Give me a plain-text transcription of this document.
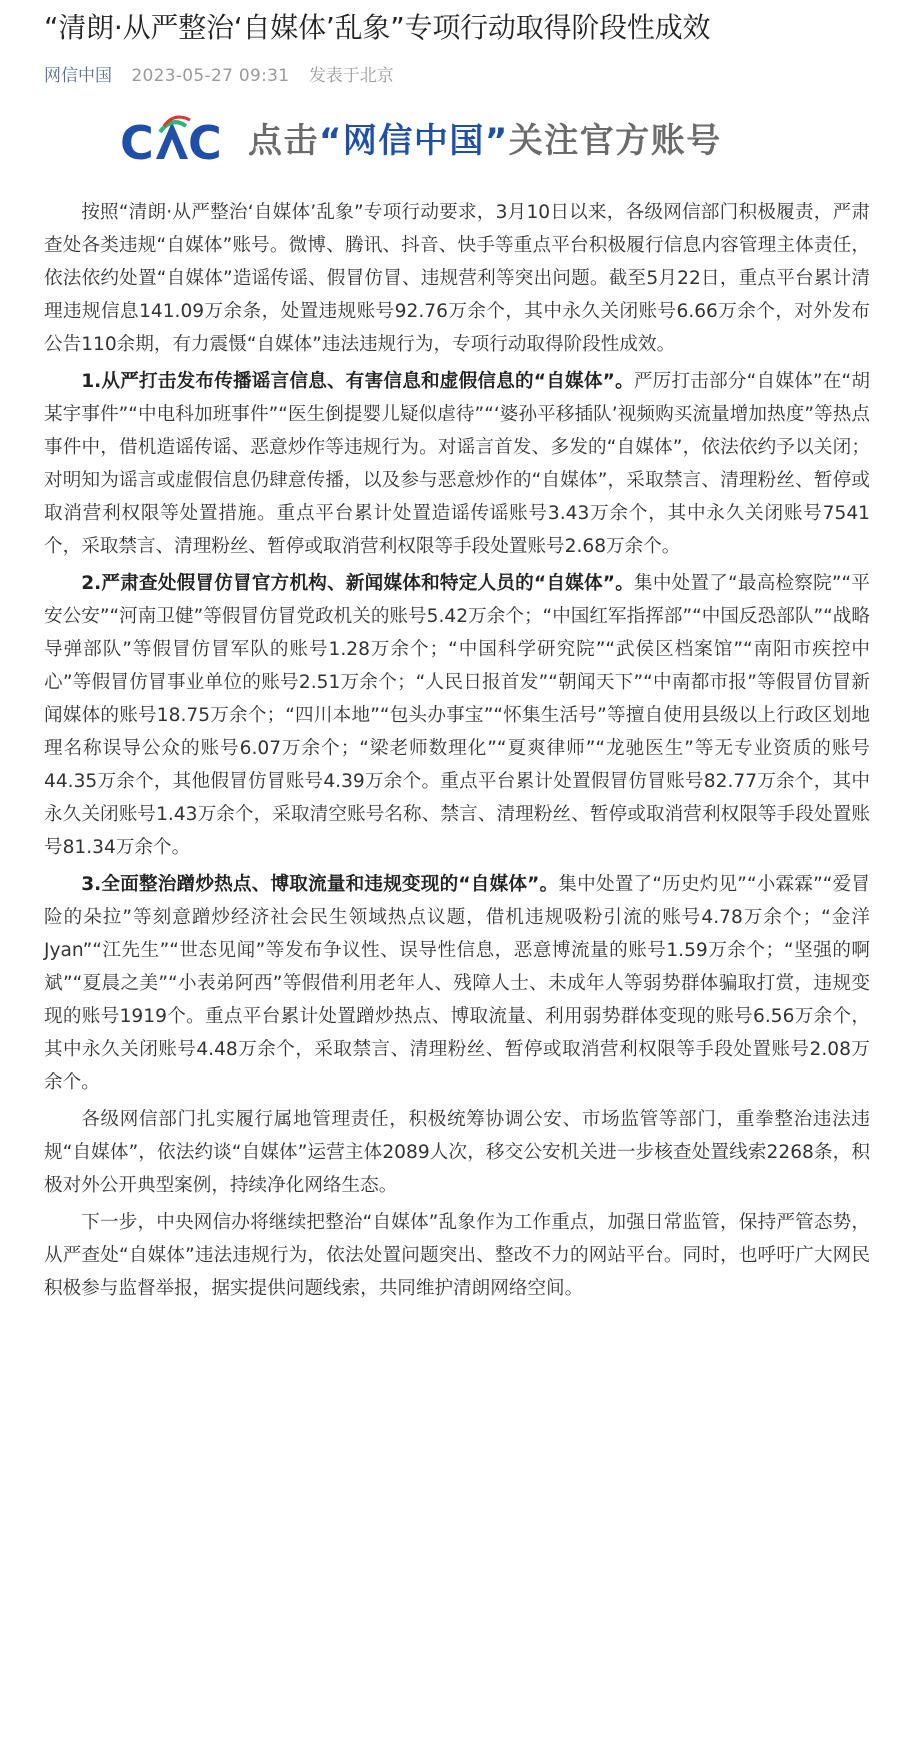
“清朗·从严整治‘自媒体’乱象”专项行动取得阶段性成效
网信中国 2023-05-27 09:31 发表于北京
C C
CAC
点击“网信中国”关注官方账号

按照“清朗·从严整治‘自媒体’乱象”专项行动要求，3月10日以来，各级网信部门积极履责，严肃查处各类违规“自媒体”账号。微博、腾讯、抖音、快手等重点平台积极履行信息内容管理主体责任，依法依约处置“自媒体”造谣传谣、假冒仿冒、违规营利等突出问题。截至5月22日，重点平台累计清理违规信息141.09万余条，处置违规账号92.76万余个，其中永久关闭账号6.66万余个，对外发布公告110余期，有力震慑“自媒体”违法违规行为，专项行动取得阶段性成效。

1.从严打击发布传播谣言信息、有害信息和虚假信息的“自媒体”。严厉打击部分“自媒体”在“胡某宇事件”“中电科加班事件”“医生倒提婴儿疑似虐待”“‘婆孙平移插队’视频购买流量增加热度”等热点事件中，借机造谣传谣、恶意炒作等违规行为。对谣言首发、多发的“自媒体”，依法依约予以关闭；对明知为谣言或虚假信息仍肆意传播，以及参与恶意炒作的“自媒体”，采取禁言、清理粉丝、暂停或取消营利权限等处置措施。重点平台累计处置造谣传谣账号3.43万余个，其中永久关闭账号7541个，采取禁言、清理粉丝、暂停或取消营利权限等手段处置账号2.68万余个。

2.严肃查处假冒仿冒官方机构、新闻媒体和特定人员的“自媒体”。集中处置了“最高检察院”“平安公安”“河南卫健”等假冒仿冒党政机关的账号5.42万余个；“中国红军指挥部”“中国反恐部队”“战略导弹部队”等假冒仿冒军队的账号1.28万余个；“中国科学研究院”“武侯区档案馆”“南阳市疾控中心”等假冒仿冒事业单位的账号2.51万余个；“人民日报首发”“朝闻天下”“中南都市报”等假冒仿冒新闻媒体的账号18.75万余个；“四川本地”“包头办事宝”“怀集生活号”等擅自使用县级以上行政区划地理名称误导公众的账号6.07万余个；“梁老师数理化”“夏爽律师”“龙驰医生”等无专业资质的账号44.35万余个，其他假冒仿冒账号4.39万余个。重点平台累计处置假冒仿冒账号82.77万余个，其中永久关闭账号1.43万余个，采取清空账号名称、禁言、清理粉丝、暂停或取消营利权限等手段处置账号81.34万余个。

3.全面整治蹭炒热点、博取流量和违规变现的“自媒体”。集中处置了“历史灼见”“小霖霖”“爱冒险的朵拉”等刻意蹭炒经济社会民生领域热点议题，借机违规吸粉引流的账号4.78万余个；“金洋Jyan”“江先生”“世态见闻”等发布争议性、误导性信息，恶意博流量的账号1.59万余个；“坚强的啊斌”“夏晨之美”“小表弟阿西”等假借利用老年人、残障人士、未成年人等弱势群体骗取打赏，违规变现的账号1919个。重点平台累计处置蹭炒热点、博取流量、利用弱势群体变现的账号6.56万余个，其中永久关闭账号4.48万余个，采取禁言、清理粉丝、暂停或取消营利权限等手段处置账号2.08万余个。

各级网信部门扎实履行属地管理责任，积极统筹协调公安、市场监管等部门，重拳整治违法违规“自媒体”，依法约谈“自媒体”运营主体2089人次，移交公安机关进一步核查处置线索2268条，积极对外公开典型案例，持续净化网络生态。

下一步，中央网信办将继续把整治“自媒体”乱象作为工作重点，加强日常监管，保持严管态势，从严查处“自媒体”违法违规行为，依法处置问题突出、整改不力的网站平台。同时，也呼吁广大网民积极参与监督举报，据实提供问题线索，共同维护清朗网络空间。
